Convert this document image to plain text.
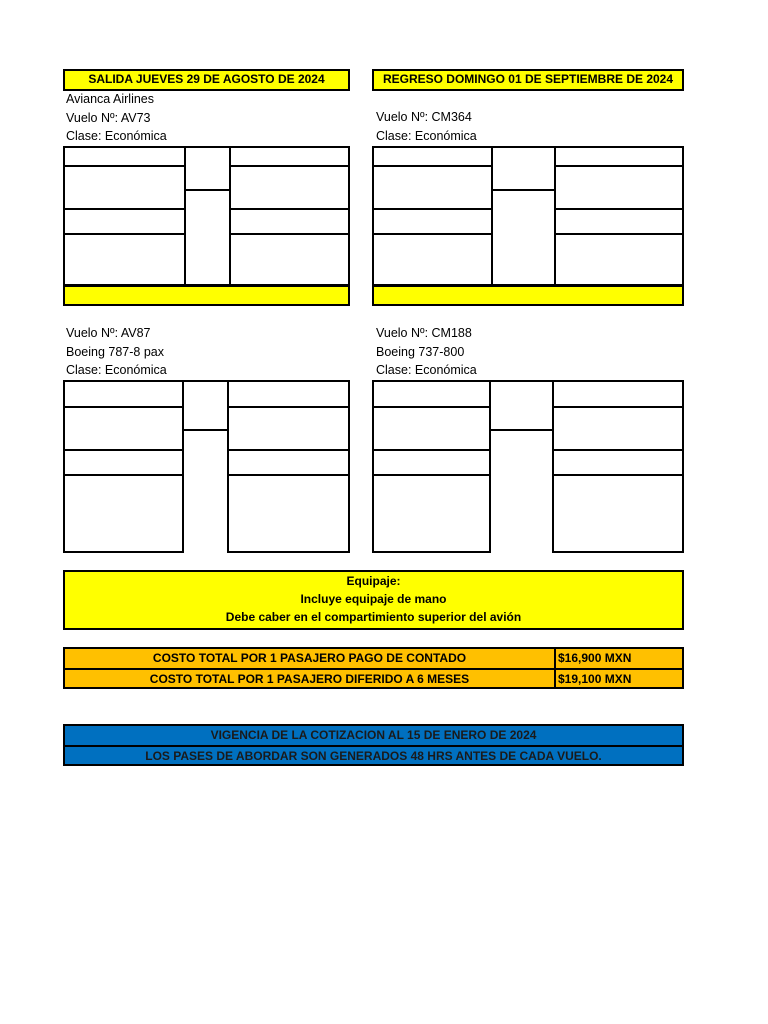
SALIDA JUEVES 29 DE AGOSTO DE 2024	REGRESO DOMINGO 01 DE SEPTIEMBRE DE 2024
Avianca Airlines
Vuelo Nº: AV73
Clase: Económica
Vuelo Nº: CM364
Clase: Económica
Vuelo Nº: AV87
Boeing 787-8 pax
Clase: Económica
Vuelo Nº: CM188
Boeing 737-800
Clase: Económica
Equipaje:
Incluye equipaje de mano
Debe caber en el compartimiento superior del avión
COSTO TOTAL POR 1 PASAJERO PAGO DE CONTADO	$16,900 MXN
COSTO TOTAL POR 1 PASAJERO DIFERIDO A 6 MESES	$19,100 MXN
VIGENCIA DE LA COTIZACION AL 15 DE ENERO DE 2024
LOS PASES DE ABORDAR SON GENERADOS 48 HRS ANTES DE CADA VUELO.
